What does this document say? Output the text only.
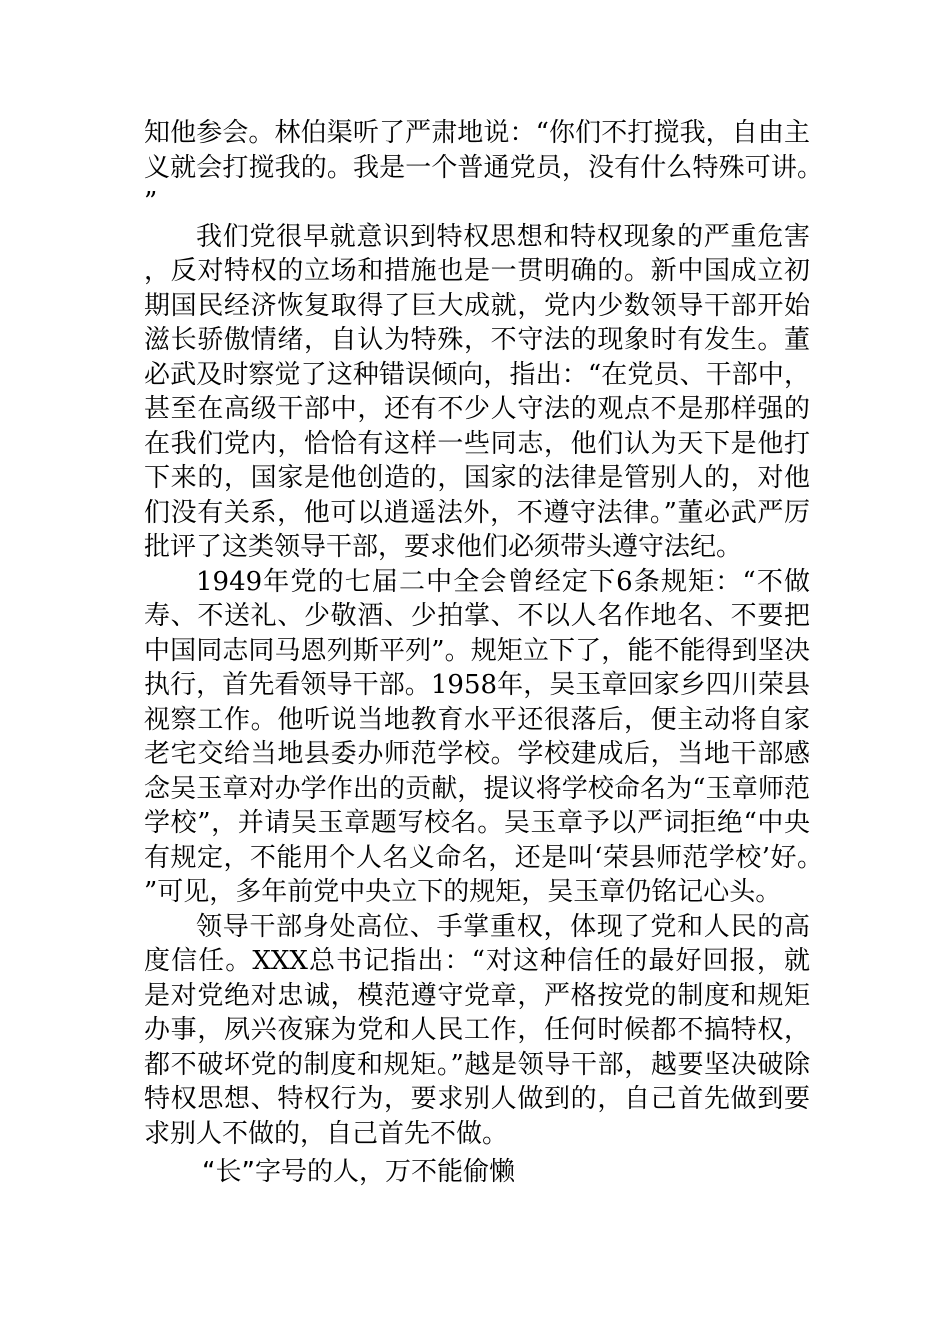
知他参会。林伯渠听了严肃地说：“你们不打搅我，自由主义就会打搅我的。我是一个普通党员，没有什么特殊可讲。”

我们党很早就意识到特权思想和特权现象的严重危害，反对特权的立场和措施也是一贯明确的。新中国成立初期国民经济恢复取得了巨大成就，党内少数领导干部开始滋长骄傲情绪，自认为特殊，不守法的现象时有发生。董必武及时察觉了这种错误倾向，指出：“在党员、干部中，甚至在高级干部中，还有不少人守法的观点不是那样强的在我们党内，恰恰有这样一些同志，他们认为天下是他打下来的，国家是他创造的，国家的法律是管别人的，对他们没有关系，他可以逍遥法外，不遵守法律。”董必武严厉批评了这类领导干部，要求他们必须带头遵守法纪。

1949年党的七届二中全会曾经定下6条规矩：“不做寿、不送礼、少敬酒、少拍掌、不以人名作地名、不要把中国同志同马恩列斯平列”。规矩立下了，能不能得到坚决执行，首先看领导干部。1958年，吴玉章回家乡四川荣县视察工作。他听说当地教育水平还很落后，便主动将自家老宅交给当地县委办师范学校。学校建成后，当地干部感念吴玉章对办学作出的贡献，提议将学校命名为“玉章师范学校”，并请吴玉章题写校名。吴玉章予以严词拒绝“中央有规定，不能用个人名义命名，还是叫‘荣县师范学校’好。”可见，多年前党中央立下的规矩，吴玉章仍铭记心头。

领导干部身处高位、手掌重权，体现了党和人民的高度信任。XXX总书记指出：“对这种信任的最好回报，就是对党绝对忠诚，模范遵守党章，严格按党的制度和规矩办事，夙兴夜寐为党和人民工作，任何时候都不搞特权，都不破坏党的制度和规矩。”越是领导干部，越要坚决破除特权思想、特权行为，要求别人做到的，自己首先做到要求别人不做的，自己首先不做。

“长”字号的人，万不能偷懒
